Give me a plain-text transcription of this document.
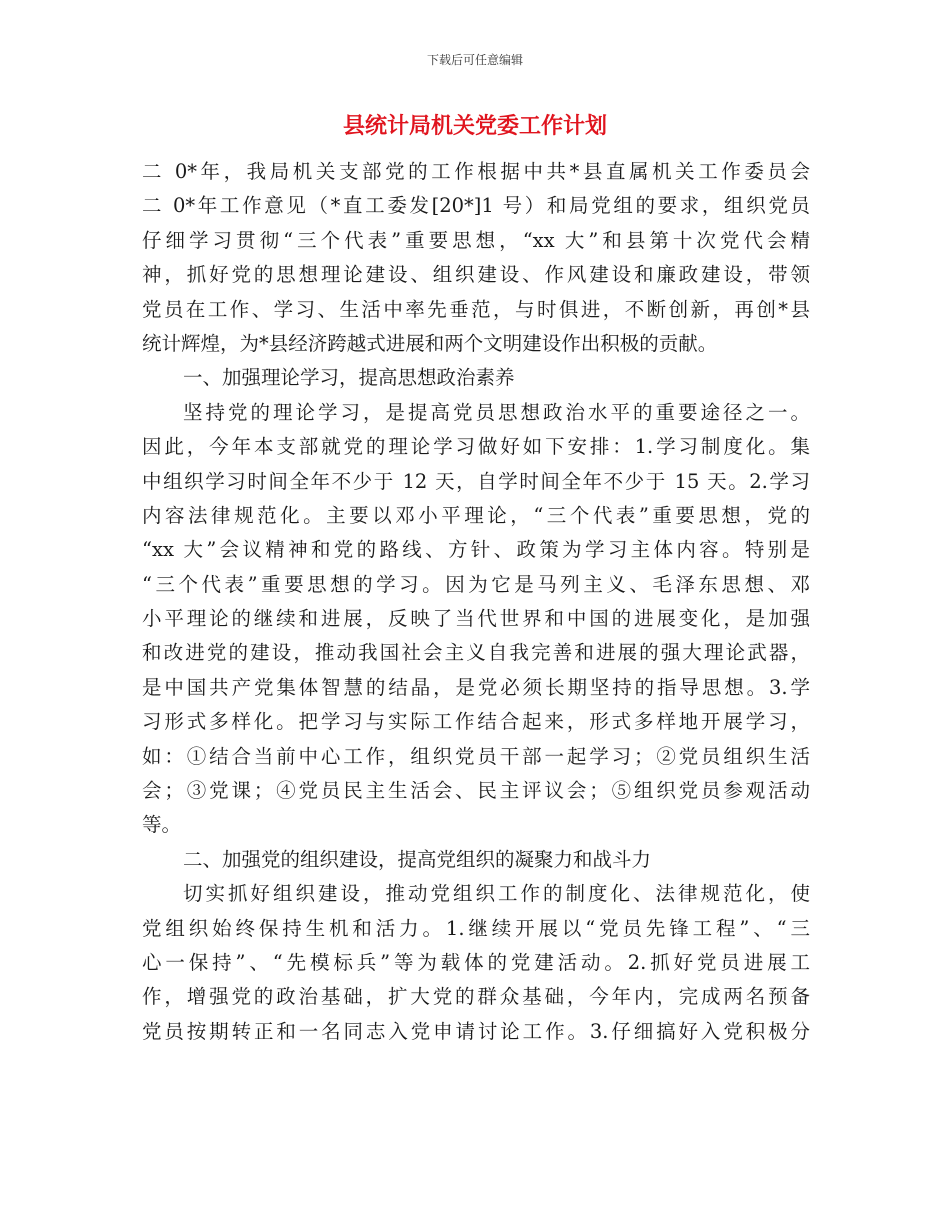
下载后可任意编辑
县统计局机关党委工作计划
二 0*年，我局机关支部党的工作根据中共*县直属机关工作委员会
二 0*年工作意见（*直工委发[20*]1 号）和局党组的要求，组织党员
仔细学习贯彻“三个代表”重要思想，“xx 大”和县第十次党代会精
神，抓好党的思想理论建设、组织建设、作风建设和廉政建设，带领
党员在工作、学习、生活中率先垂范，与时俱进，不断创新，再创*县
统计辉煌，为*县经济跨越式进展和两个文明建设作出积极的贡献。
一、加强理论学习，提高思想政治素养
坚持党的理论学习，是提高党员思想政治水平的重要途径之一。
因此，今年本支部就党的理论学习做好如下安排：1.学习制度化。集
中组织学习时间全年不少于 12 天，自学时间全年不少于 15 天。2.学习
内容法律规范化。主要以邓小平理论，“三个代表”重要思想，党的
“xx 大”会议精神和党的路线、方针、政策为学习主体内容。特别是
“三个代表”重要思想的学习。因为它是马列主义、毛泽东思想、邓
小平理论的继续和进展，反映了当代世界和中国的进展变化，是加强
和改进党的建设，推动我国社会主义自我完善和进展的强大理论武器，
是中国共产党集体智慧的结晶，是党必须长期坚持的指导思想。3.学
习形式多样化。把学习与实际工作结合起来，形式多样地开展学习，
如：①结合当前中心工作，组织党员干部一起学习；②党员组织生活
会；③党课；④党员民主生活会、民主评议会；⑤组织党员参观活动
等。
二、加强党的组织建设，提高党组织的凝聚力和战斗力
切实抓好组织建设，推动党组织工作的制度化、法律规范化，使
党组织始终保持生机和活力。1.继续开展以“党员先锋工程”、“三
心一保持”、“先模标兵”等为载体的党建活动。2.抓好党员进展工
作，增强党的政治基础，扩大党的群众基础，今年内，完成两名预备
党员按期转正和一名同志入党申请讨论工作。3.仔细搞好入党积极分
